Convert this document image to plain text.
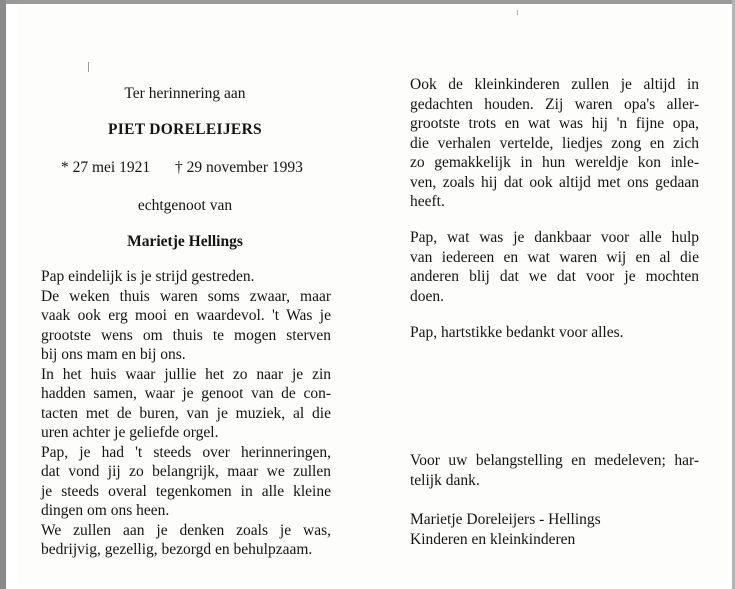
Ter herinnering aan
PIET DORELEIJERS
* 27 mei 1921 † 29 november 1993
echtgenoot van
Marietje Hellings
Pap eindelijk is je strijd gestreden.
De weken thuis waren soms zwaar, maar
vaak ook erg mooi en waardevol. 't Was je
grootste wens om thuis te mogen sterven
bij ons mam en bij ons.
In het huis waar jullie het zo naar je zin
hadden samen, waar je genoot van de con-
tacten met de buren, van je muziek, al die
uren achter je geliefde orgel.
Pap, je had 't steeds over herinneringen,
dat vond jij zo belangrijk, maar we zullen
je steeds overal tegenkomen in alle kleine
dingen om ons heen.
We zullen aan je denken zoals je was,
bedrijvig, gezellig, bezorgd en behulpzaam.
Ook de kleinkinderen zullen je altijd in
gedachten houden. Zij waren opa's aller-
grootste trots en wat was hij 'n fijne opa,
die verhalen vertelde, liedjes zong en zich
zo gemakkelijk in hun wereldje kon inle-
ven, zoals hij dat ook altijd met ons gedaan
heeft.
Pap, wat was je dankbaar voor alle hulp
van iedereen en wat waren wij en al die
anderen blij dat we dat voor je mochten
doen.
Pap, hartstikke bedankt voor alles.
Voor uw belangstelling en medeleven; har-
telijk dank.
Marietje Doreleijers - Hellings
Kinderen en kleinkinderen
